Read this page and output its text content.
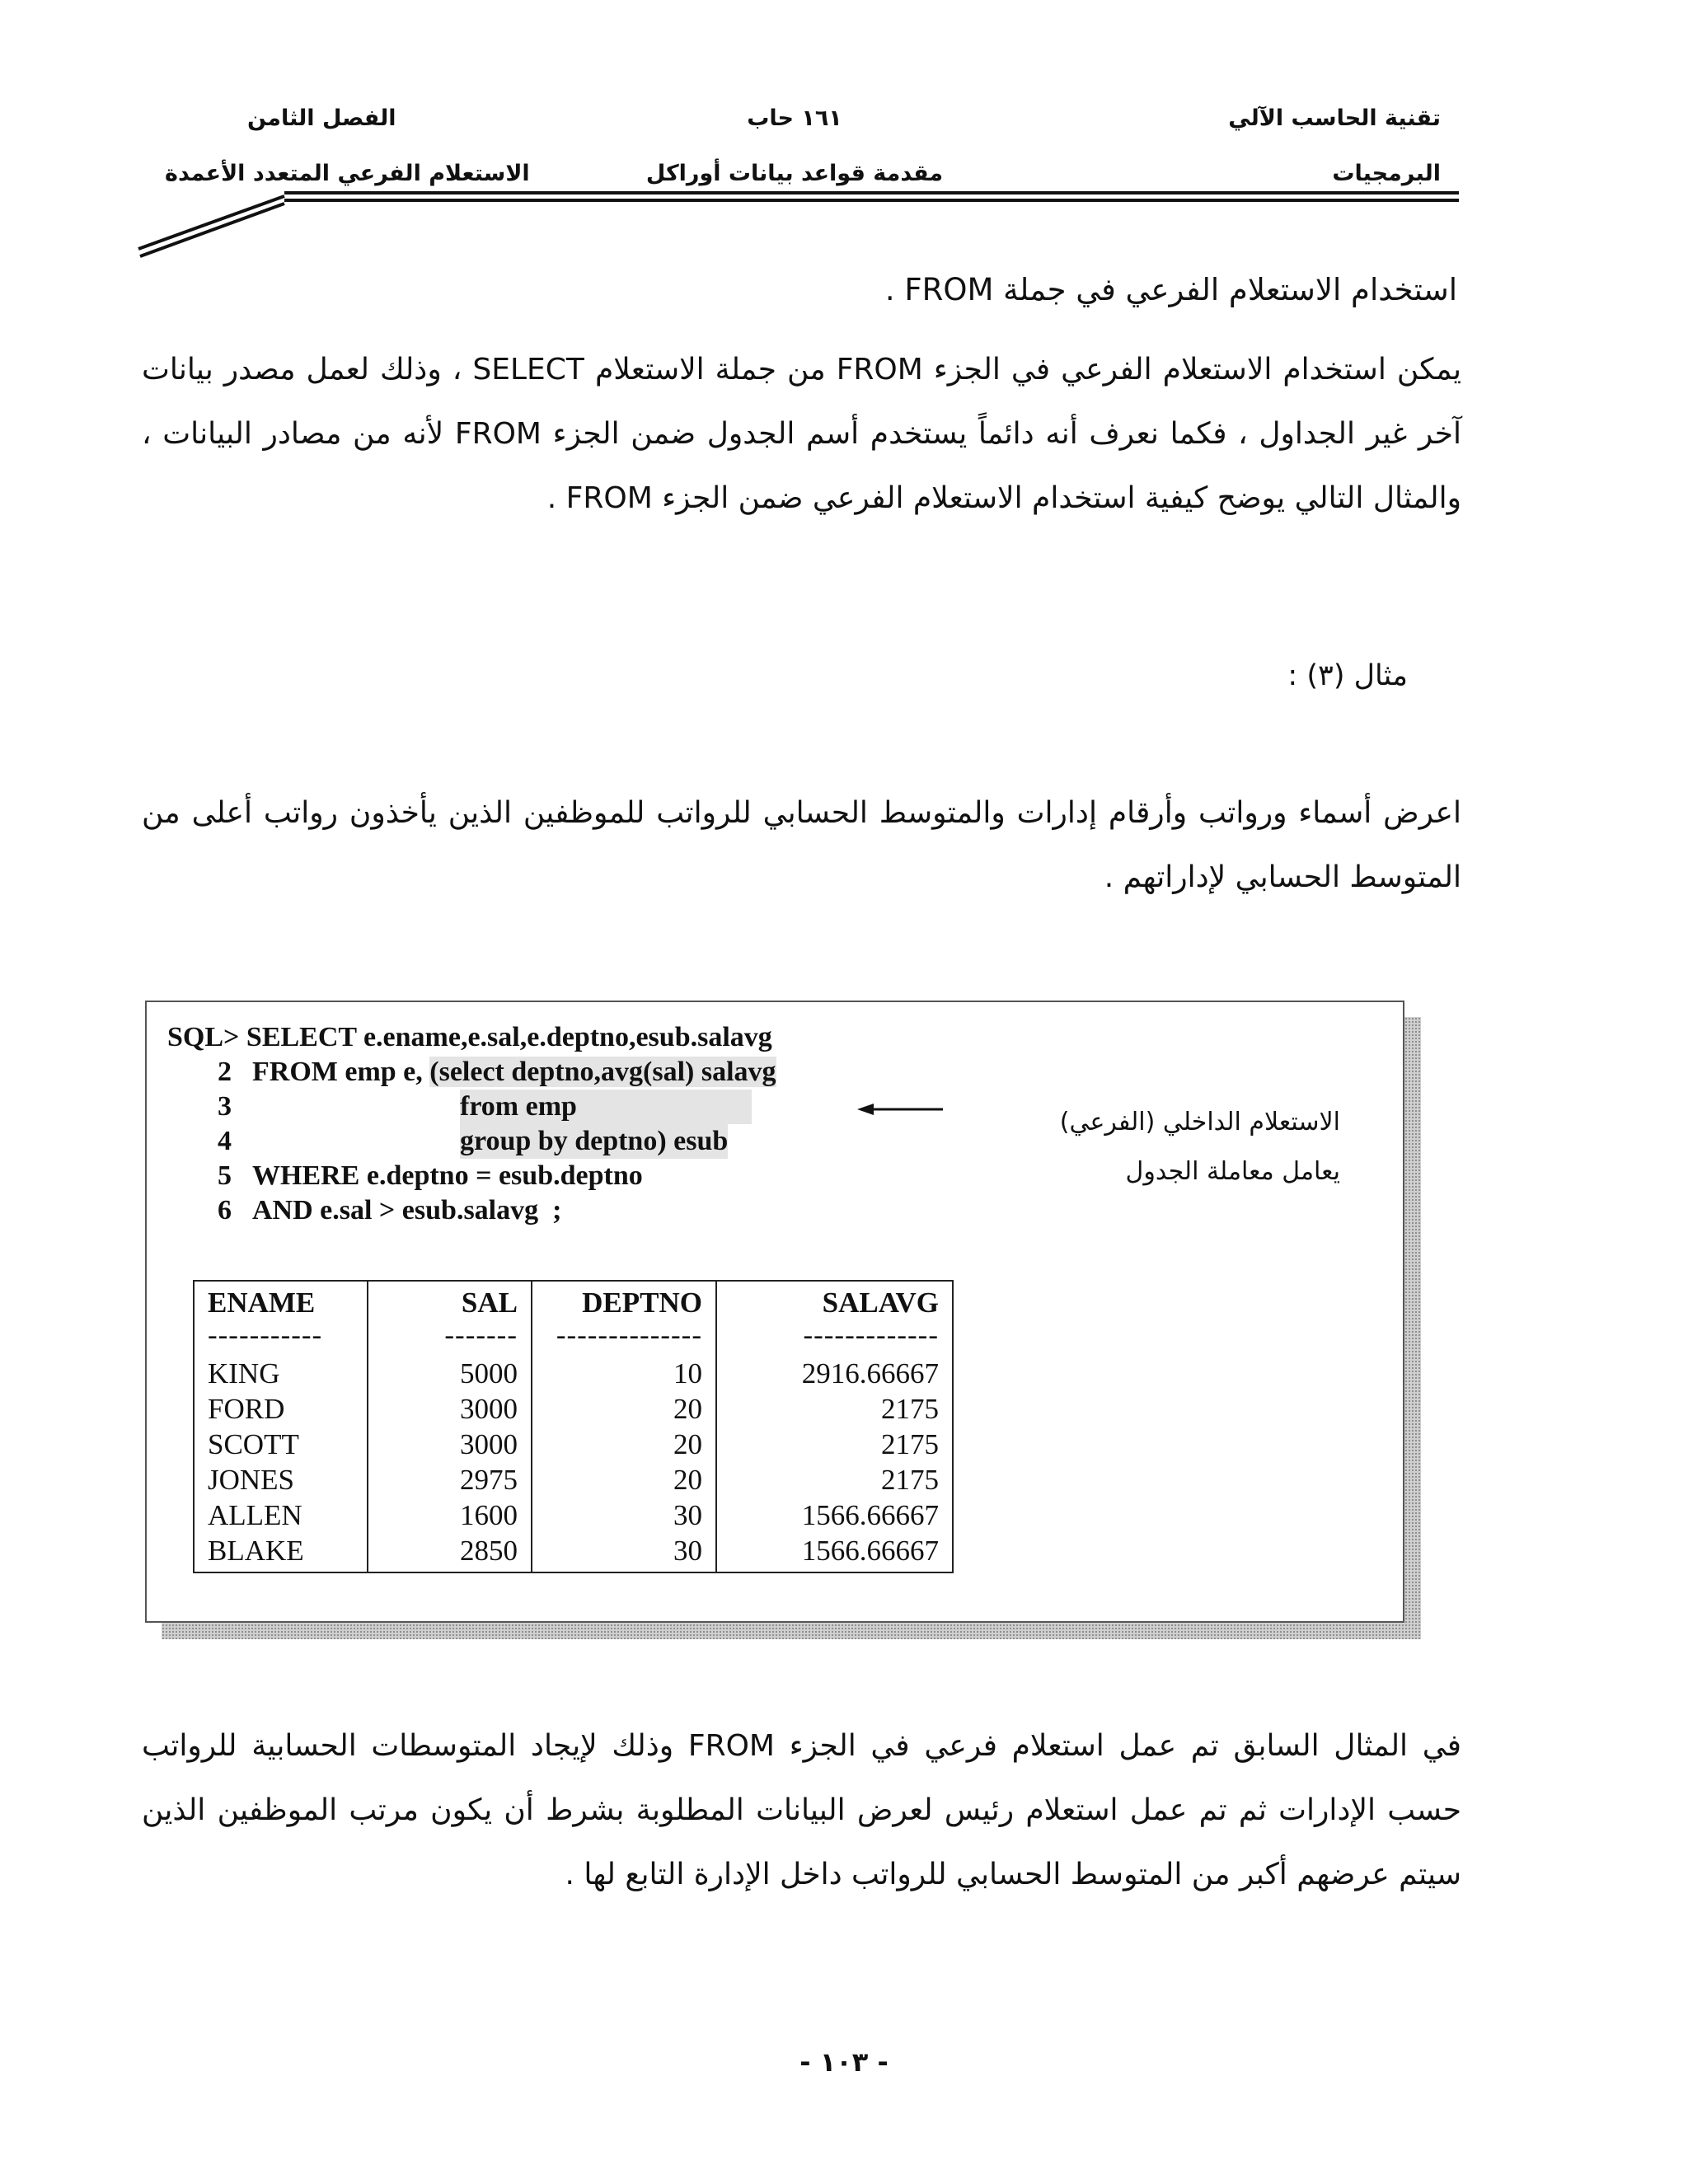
تقنية الحاسب الآلي
١٦١ حاب
الفصل الثامن
البرمجيات
مقدمة قواعد بيانات أوراكل
الاستعلام الفرعي المتعدد الأعمدة
استخدام الاستعلام الفرعي في جملة FROM .
يمكن استخدام الاستعلام الفرعي في الجزء FROM من جملة الاستعلام SELECT ، وذلك لعمل مصدر بيانات آخر غير الجداول ، فكما نعرف أنه دائماً يستخدم أسم الجدول ضمن الجزء FROM لأنه من مصادر البيانات ، والمثال التالي يوضح كيفية استخدام الاستعلام الفرعي ضمن الجزء FROM .
مثال (٣) :
اعرض أسماء ورواتب وأرقام إدارات والمتوسط الحسابي للرواتب للموظفين الذين يأخذون رواتب أعلى من المتوسط الحسابي لإداراتهم .

SQL> SELECT e.ename,e.sal,e.deptno,esub.salavg

2

FROM emp e, (select deptno,avg(sal) salavg

3

	from emp

4

	group by deptno) esub

5

WHERE e.deptno = esub.deptno

6

AND e.sal > esub.salavg  ;

الاستعلام الداخلي (الفرعي)
يعامل معاملة الجدول
ENAME	SAL	DEPTNO	SALAVG
-----------	-------	--------------	-------------
KING	5000	10	2916.66667
FORD	3000	20	2175
SCOTT	3000	20	2175
JONES	2975	20	2175
ALLEN	1600	30	1566.66667
BLAKE	2850	30	1566.66667
في المثال السابق تم عمل استعلام فرعي في الجزء FROM وذلك لإيجاد المتوسطات الحسابية للرواتب حسب الإدارات ثم تم عمل استعلام رئيس لعرض البيانات المطلوبة بشرط أن يكون مرتب الموظفين الذين سيتم عرضهم أكبر من المتوسط الحسابي للرواتب داخل الإدارة التابع لها .
- ١٠٣ -
